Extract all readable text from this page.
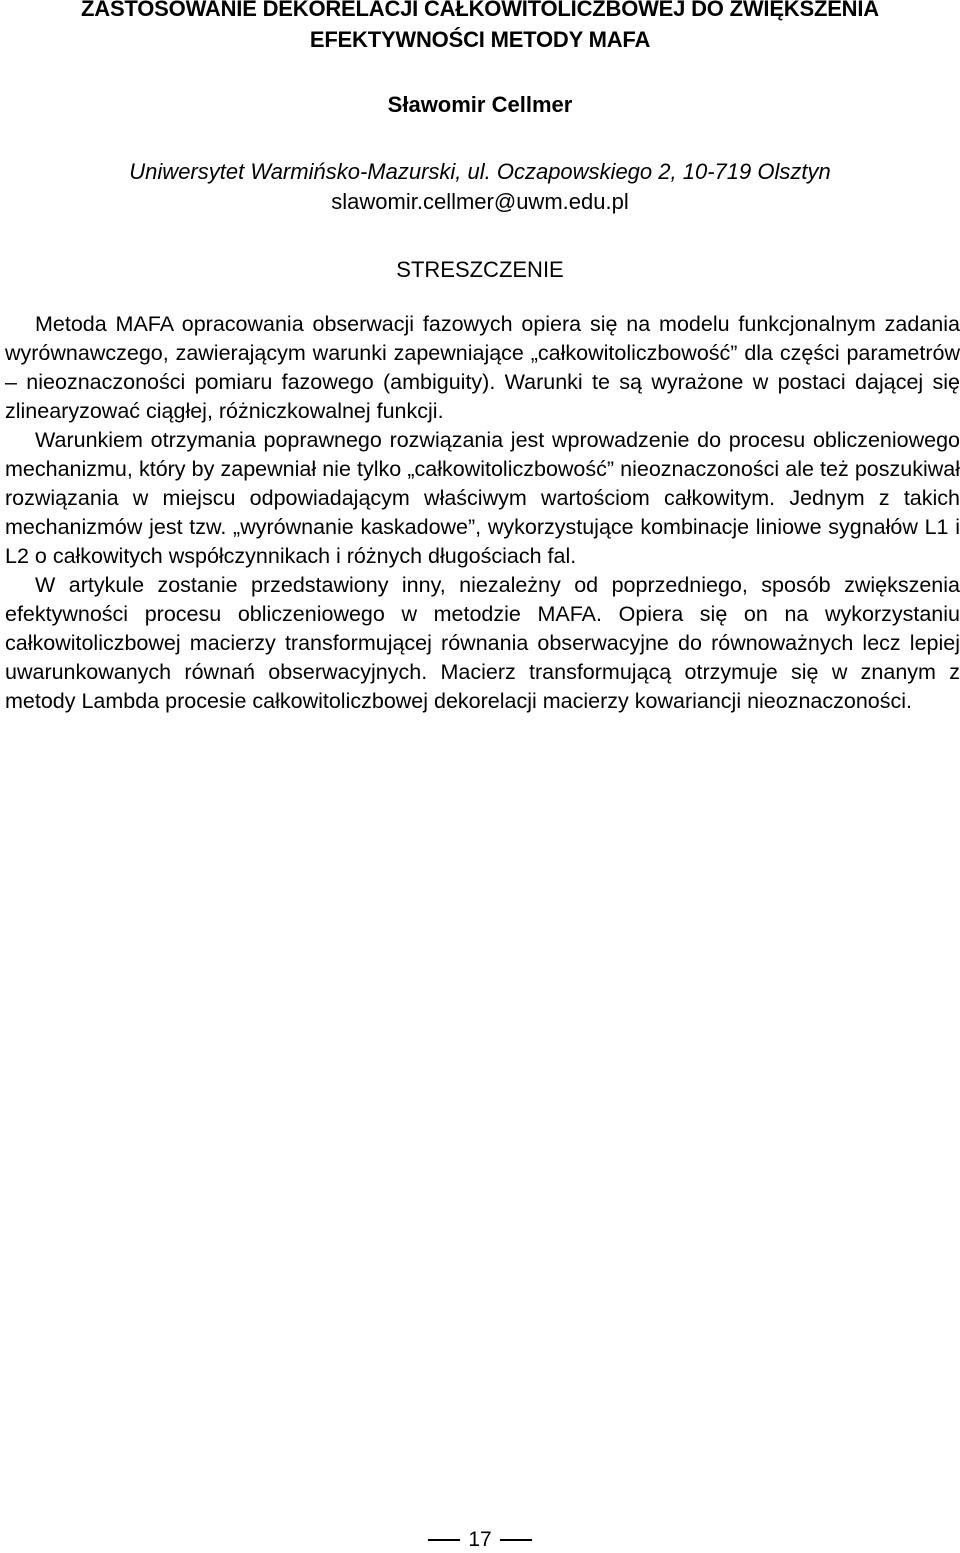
ZASTOSOWANIE DEKORELACJI CAŁKOWITOLICZBOWEJ DO ZWIĘKSZENIA
EFEKTYWNOŚCI METODY MAFA
Sławomir Cellmer
Uniwersytet Warmińsko-Mazurski, ul. Oczapowskiego 2, 10-719 Olsztyn
slawomir.cellmer@uwm.edu.pl
STRESZCZENIE

Metoda MAFA opracowania obserwacji fazowych opiera się na modelu funkcjonalnym zadania wyrównawczego, zawierającym warunki zapewniające „całkowitoliczbowość” dla części parametrów – nieoznaczoności pomiaru fazowego (ambiguity). Warunki te są wyrażone w postaci dającej się zlinearyzować ciągłej, różniczkowalnej funkcji.

Warunkiem otrzymania poprawnego rozwiązania jest wprowadzenie do procesu obliczeniowego mechanizmu, który by zapewniał nie tylko „całkowitoliczbowość” nieoznaczoności ale też poszukiwał rozwiązania w miejscu odpowiadającym właściwym wartościom całkowitym. Jednym z takich mechanizmów jest tzw. „wyrównanie kaskadowe”, wykorzystujące kombinacje liniowe sygnałów L1 i L2 o całkowitych współczynnikach i różnych długościach fal.

W artykule zostanie przedstawiony inny, niezależny od poprzedniego, sposób zwiększenia efektywności procesu obliczeniowego w metodzie MAFA. Opiera się on na wykorzystaniu całkowitoliczbowej macierzy transformującej równania obserwacyjne do równoważnych lecz lepiej uwarunkowanych równań obserwacyjnych. Macierz transformującą otrzymuje się w znanym z metody Lambda procesie całkowitoliczbowej dekorelacji macierzy kowariancji nieoznaczoności.

17
